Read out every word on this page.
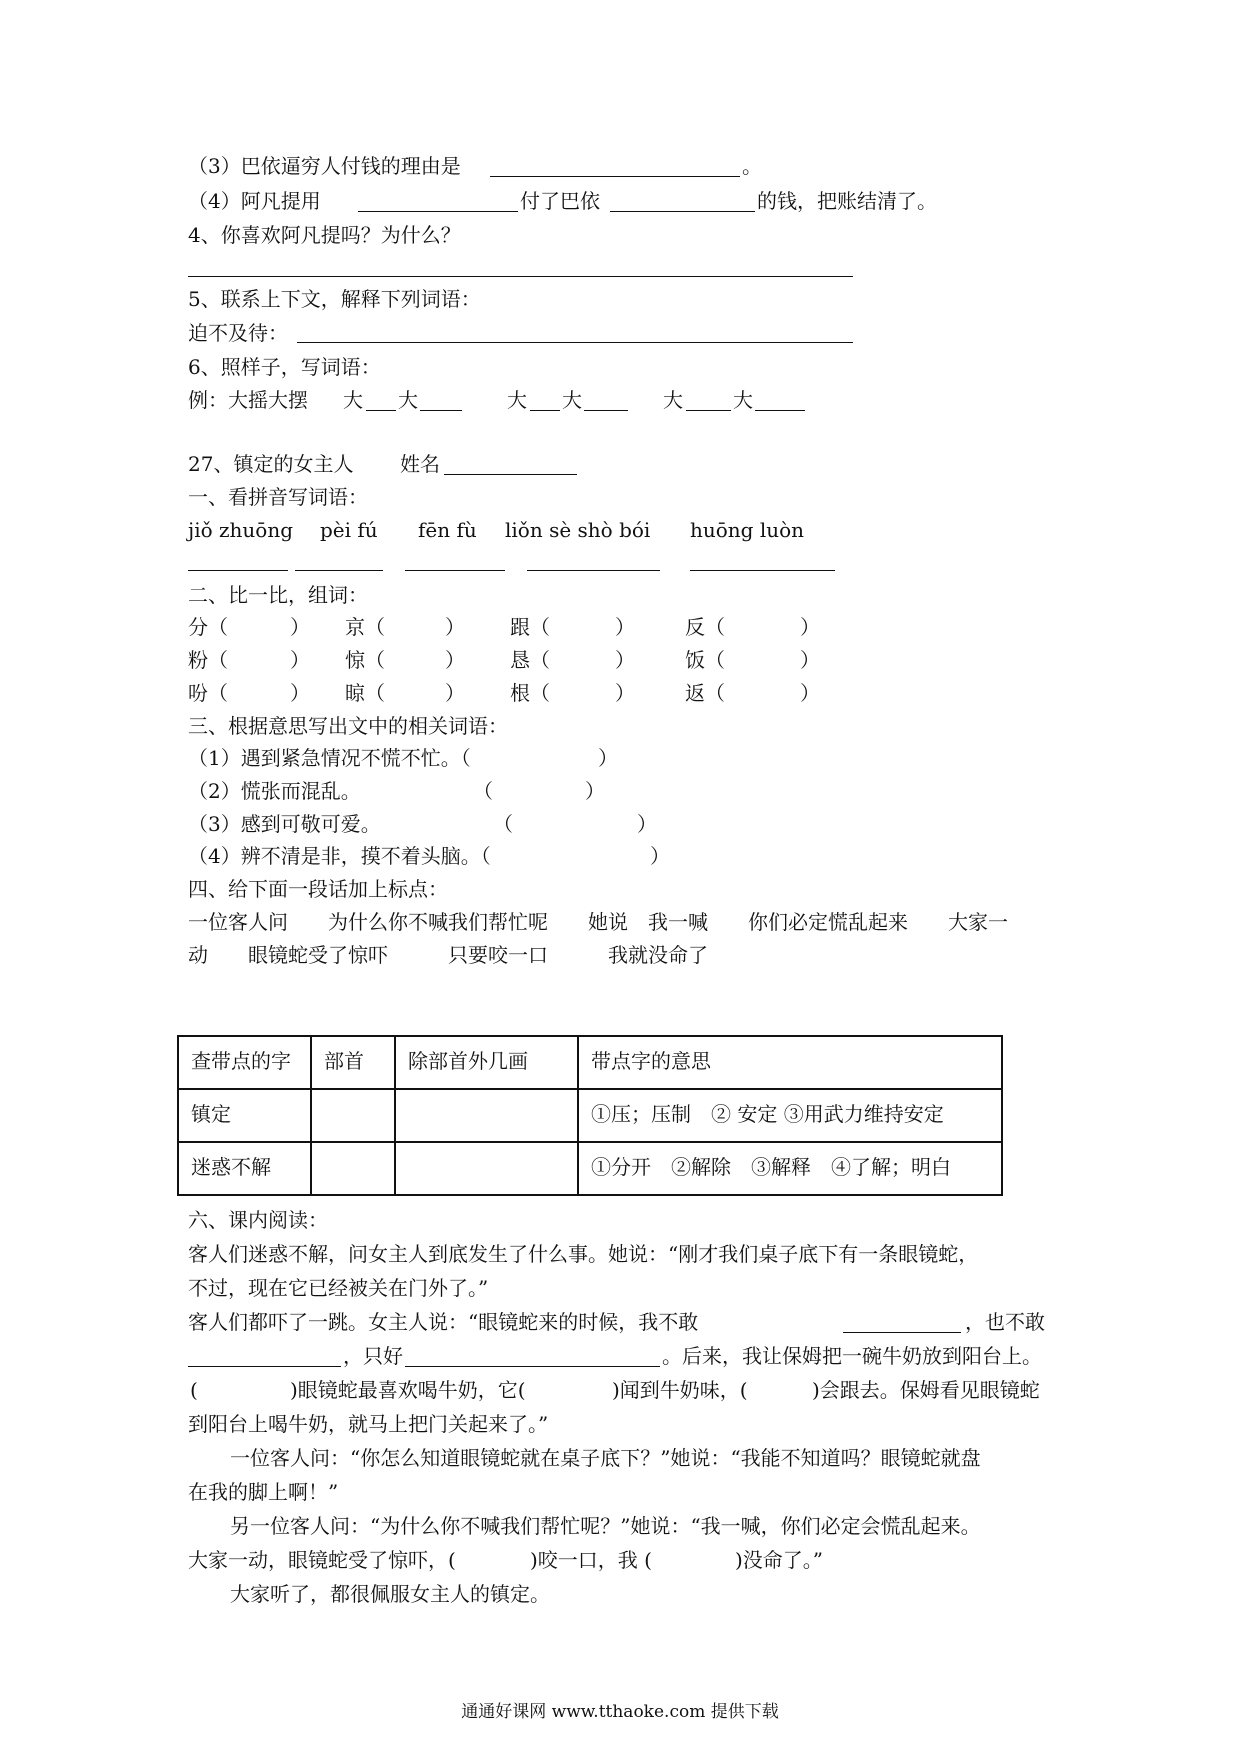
（3）巴依逼穷人付钱的理由是	。
（4）阿凡提用	付了巴依	的钱，把账结清了。
4、你喜欢阿凡提吗？为什么？
5、联系上下文，解释下列词语：
迫不及待：
6、照样子，写词语：
例：大摇大摆 大 大	大 大	大	大
27、镇定的女主人 姓名
一、看拼音写词语：
jiǒ zhuōng pèi fú fēn fù liǒn sè shò bói huōng luòn
二、比一比，组词：
分（	） 京（	） 跟（	）	反（	）
粉（	） 惊（	） 恳（	）	饭（	）
吩（	） 晾（	） 根（	）	返（	）
三、根据意思写出文中的相关词语：
（1）遇到紧急情况不慌不忙。（	）
（2）慌张而混乱。	（	）
（3）感到可敬可爱。	（	）
（4）辨不清是非，摸不着头脑。（	）
四、给下面一段话加上标点：
一位客人问　　为什么你不喊我们帮忙呢　　她说　我一喊　　你们必定慌乱起来　　大家一
动　　眼镜蛇受了惊吓　　　只要咬一口　　　我就没命了
查带点的字	部首	除部首外几画	带点字的意思
镇定			①压；压制　② 安定 ③用武力维持安定
迷惑不解			①分开　②解除　③解释　④了解；明白
六、课内阅读：
客人们迷惑不解，问女主人到底发生了什么事。她说：“刚才我们桌子底下有一条眼镜蛇，
不过，现在它已经被关在门外了。”
客人们都吓了一跳。女主人说：“眼镜蛇来的时候，我不敢	，也不敢
，只好	。后来，我让保姆把一碗牛奶放到阳台上。
(	)眼镜蛇最喜欢喝牛奶，它(	)闻到牛奶味，(	)会跟去。保姆看见眼镜蛇
到阳台上喝牛奶，就马上把门关起来了。”
一位客人问：“你怎么知道眼镜蛇就在桌子底下？”她说：“我能不知道吗？眼镜蛇就盘
在我的脚上啊！”
另一位客人问：“为什么你不喊我们帮忙呢？”她说：“我一喊，你们必定会慌乱起来。
大家一动，眼镜蛇受了惊吓，(	)咬一口，我 (	)没命了。”
大家听了，都很佩服女主人的镇定。
通通好课网 www.tthaoke.com 提供下载
